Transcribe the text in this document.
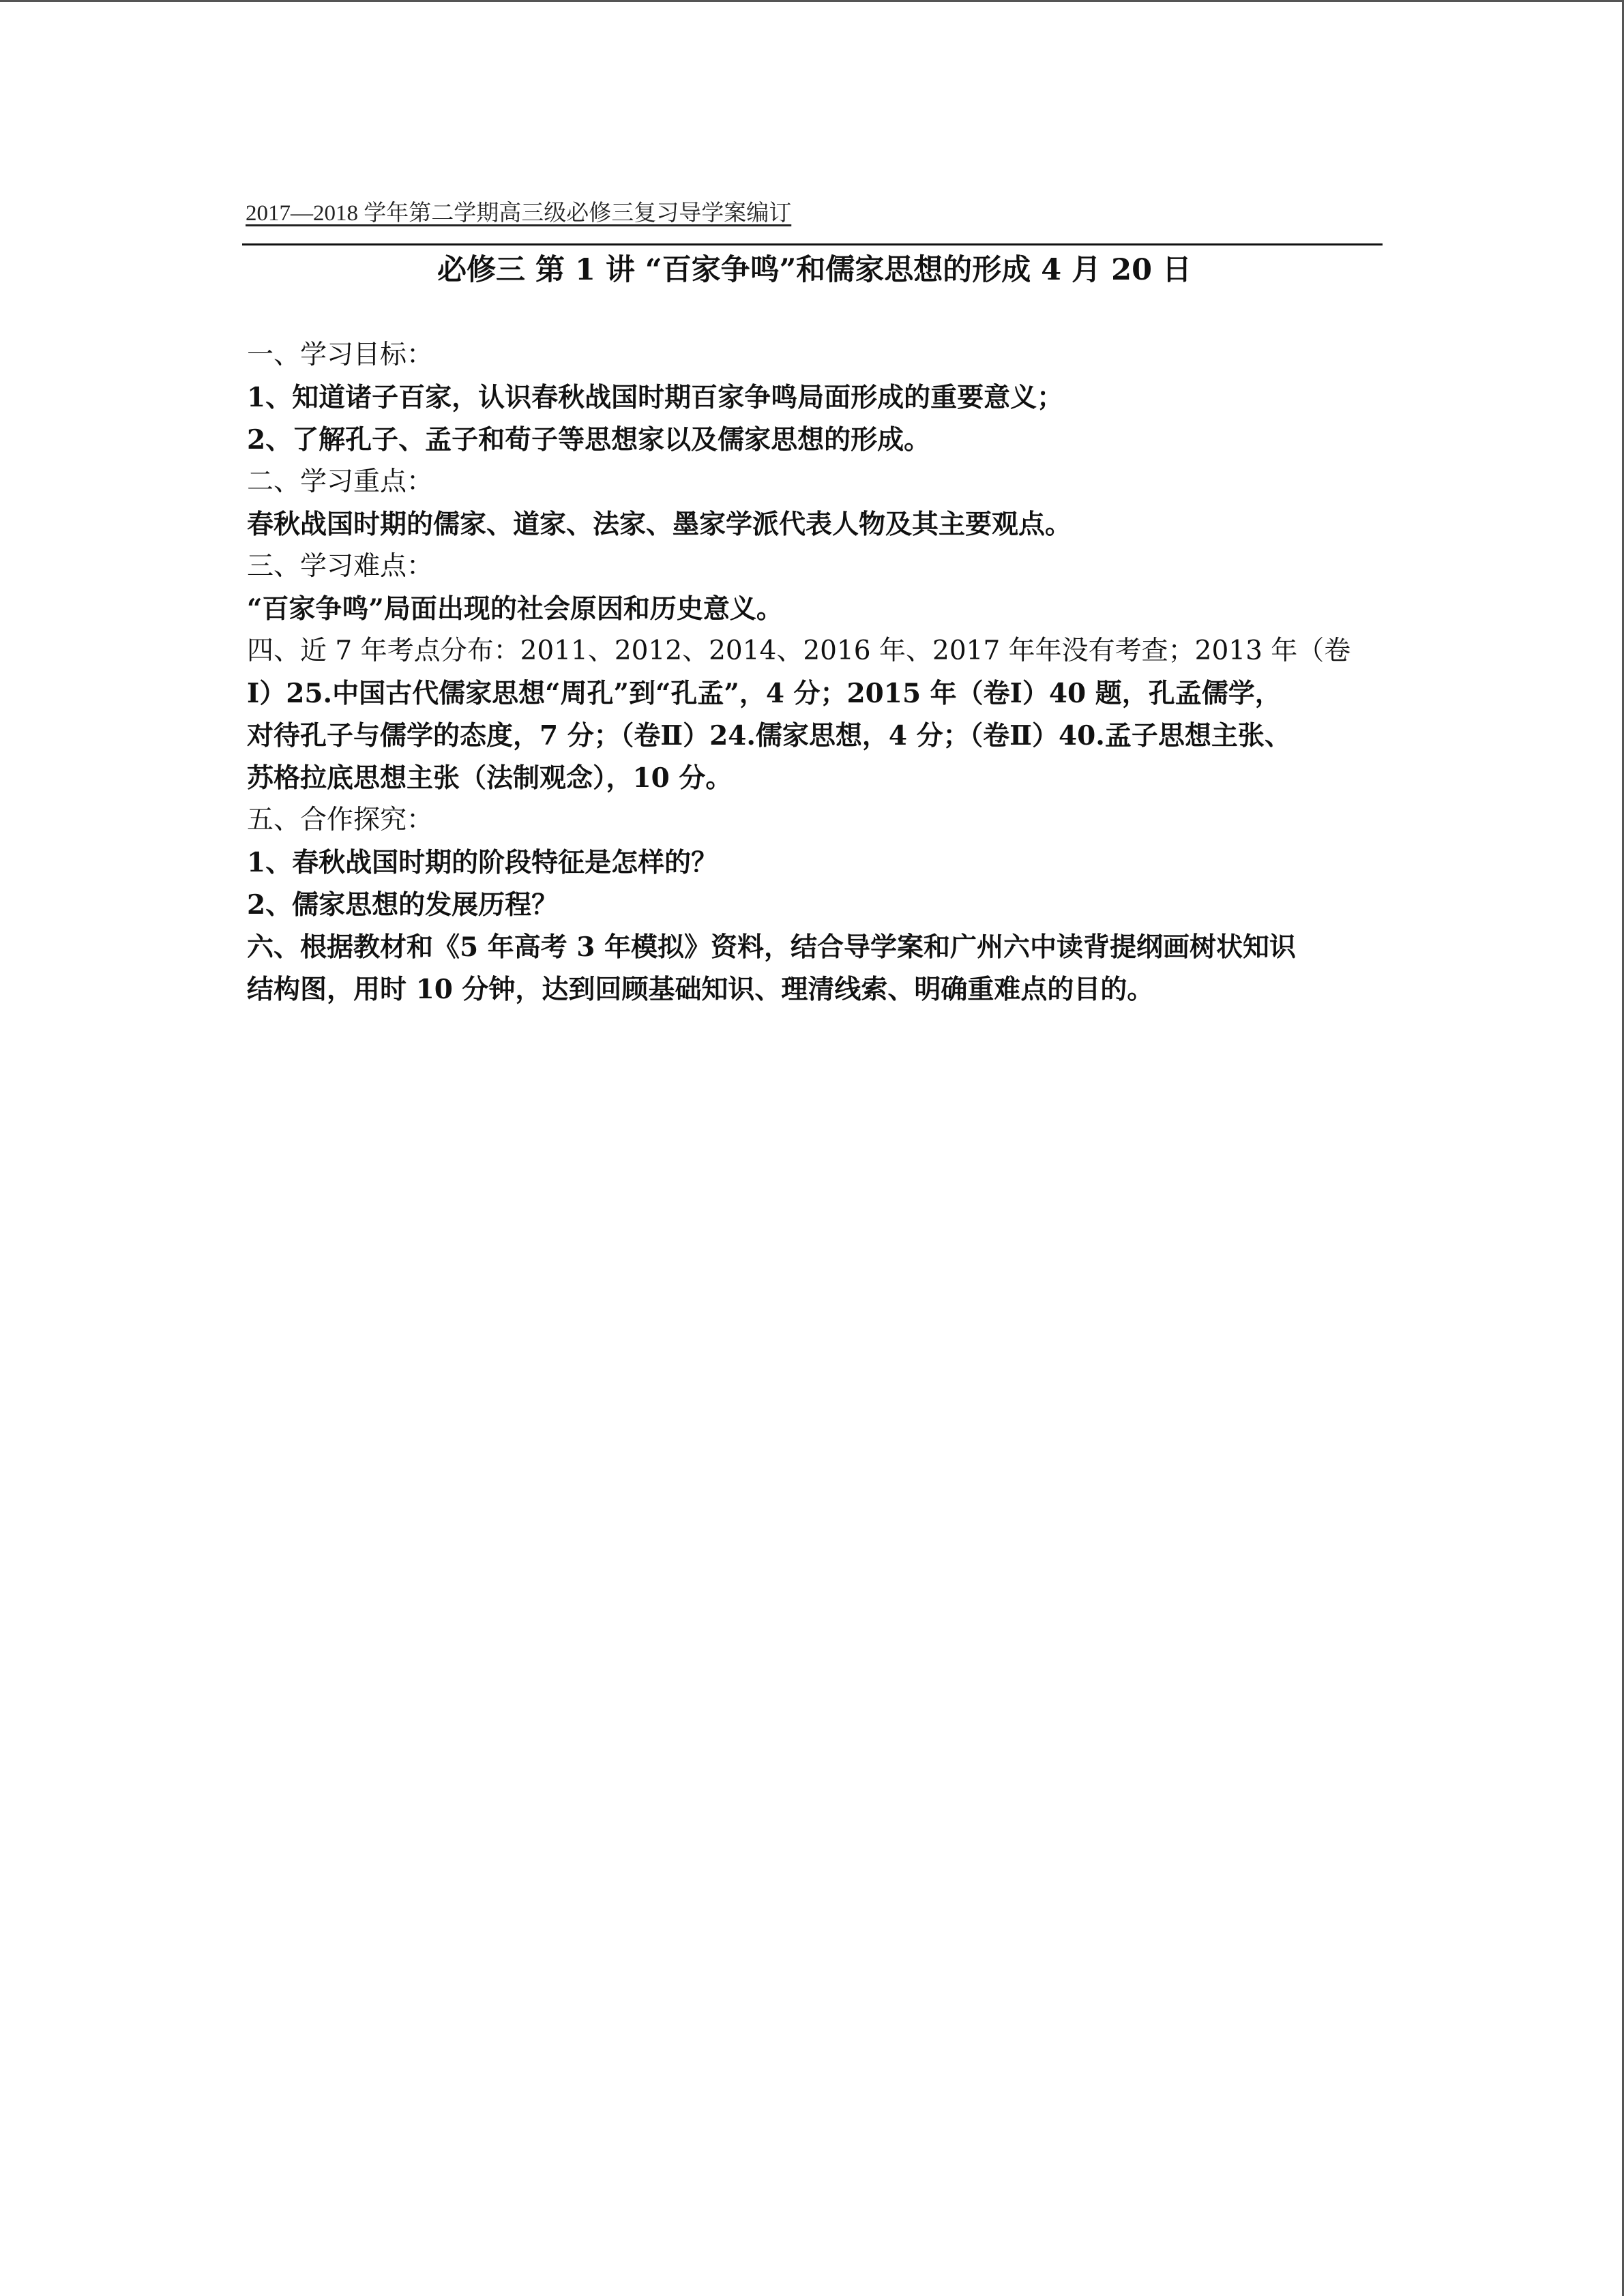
2017—2018 学年第二学期高三级必修三复习导学案编订
必修三 第 1 讲 “百家争鸣”和儒家思想的形成 4 月 20 日
一、学习目标：
1、知道诸子百家，认识春秋战国时期百家争鸣局面形成的重要意义；
2、了解孔子、孟子和荀子等思想家以及儒家思想的形成。
二、学习重点：
春秋战国时期的儒家、道家、法家、墨家学派代表人物及其主要观点。
三、学习难点：
“百家争鸣”局面出现的社会原因和历史意义。
四、近 7 年考点分布：2011、2012、2014、2016 年、2017 年年没有考查；2013 年（卷
Ⅰ）25.中国古代儒家思想“周孔”到“孔孟”，4 分；2015 年（卷Ⅰ）40 题，孔孟儒学，
对待孔子与儒学的态度，7 分；（卷Ⅱ）24.儒家思想，4 分；（卷Ⅱ）40.孟子思想主张、
苏格拉底思想主张（法制观念），10 分。
五、合作探究：
1、春秋战国时期的阶段特征是怎样的？
2、儒家思想的发展历程？
六、根据教材和《5 年高考 3 年模拟》资料，结合导学案和广州六中读背提纲画树状知识
结构图，用时 10 分钟，达到回顾基础知识、理清线索、明确重难点的目的。
